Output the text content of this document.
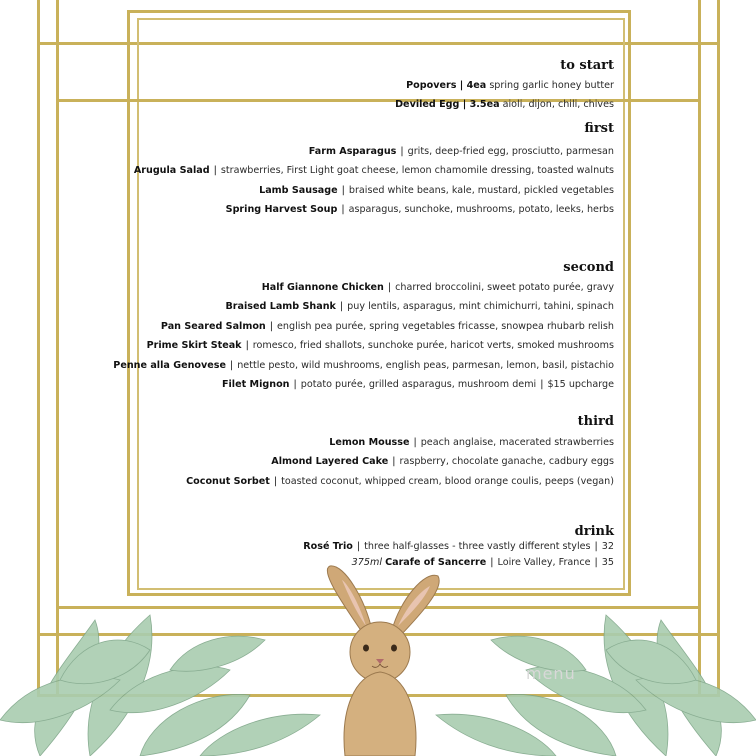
to start
Popovers | 4ea spring garlic honey butter
Deviled Egg | 3.5ea aioli, dijon, chili, chives
first
Farm Asparagus | grits, deep-fried egg, prosciutto, parmesan
Arugula Salad | strawberries, First Light goat cheese, lemon chamomile dressing, toasted walnuts
Lamb Sausage | braised white beans, kale, mustard, pickled vegetables
Spring Harvest Soup | asparagus, sunchoke, mushrooms, potato, leeks, herbs
second
Half Giannone Chicken | charred broccolini, sweet potato purée, gravy
Braised Lamb Shank | puy lentils, asparagus, mint chimichurri, tahini, spinach
Pan Seared Salmon | english pea purée, spring vegetables fricasse, snowpea rhubarb relish
Prime Skirt Steak | romesco, fried shallots, sunchoke purée, haricot verts, smoked mushrooms
Penne alla Genovese | nettle pesto, wild mushrooms, english peas, parmesan, lemon, basil, pistachio
Filet Mignon | potato purée, grilled asparagus, mushroom demi | $15 upcharge
third
Lemon Mousse | peach anglaise, macerated strawberries
Almond Layered Cake | raspberry, chocolate ganache, cadbury eggs
Coconut Sorbet | toasted coconut, whipped cream, blood orange coulis, peeps (vegan)
drink
Rosé Trio | three half-glasses - three vastly different styles | 32
375ml Carafe of Sancerre | Loire Valley, France | 35
menu
